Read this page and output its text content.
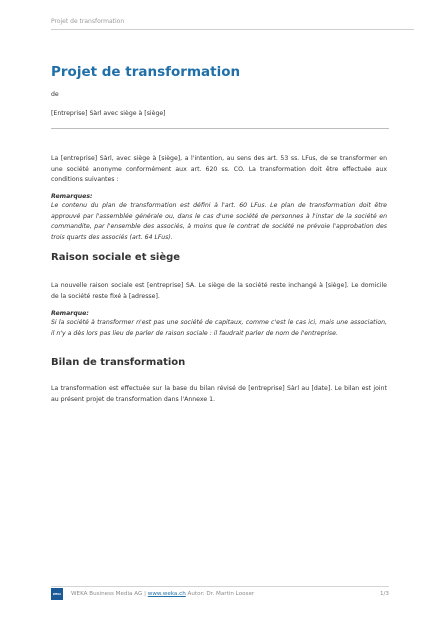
Projet de transformation
Projet de transformation
de
[Entreprise] Sàrl avec siège à [siège]

La [entreprise] Sàrl, avec siège à [siège], a l'intention, au sens des art. 53 ss. LFus, de se transformer en une société anonyme conformément aux art. 620 ss. CO. La transformation doit être effectuée aux conditions suivantes :

Remarques:

Le contenu du plan de transformation est défini à l'art. 60 LFus. Le plan de transformation doit être approuvé par l'assemblée générale ou, dans le cas d'une société de personnes à l'instar de la société en commandite, par l'ensemble des associés, à moins que le contrat de société ne prévoie l'approbation des trois quarts des associés (art. 64 LFus).

Raison sociale et siège

La nouvelle raison sociale est [entreprise] SA. Le siège de la société reste inchangé à [siège]. Le domicile de la société reste fixé à [adresse].

Remarque:

Si la société à transformer n'est pas une société de capitaux, comme c'est le cas ici, mais une association, il n'y a dès lors pas lieu de parler de raison sociale : il faudrait parler de nom de l'entreprise.

Bilan de transformation

La transformation est effectuée sur la base du bilan révisé de [entreprise] Sàrl au [date]. Le bilan est joint au présent projet de transformation dans l'Annexe 1.

WEKA WEKA Business Media AG | www.weka.ch Autor: Dr. Martin Looser	1/3
